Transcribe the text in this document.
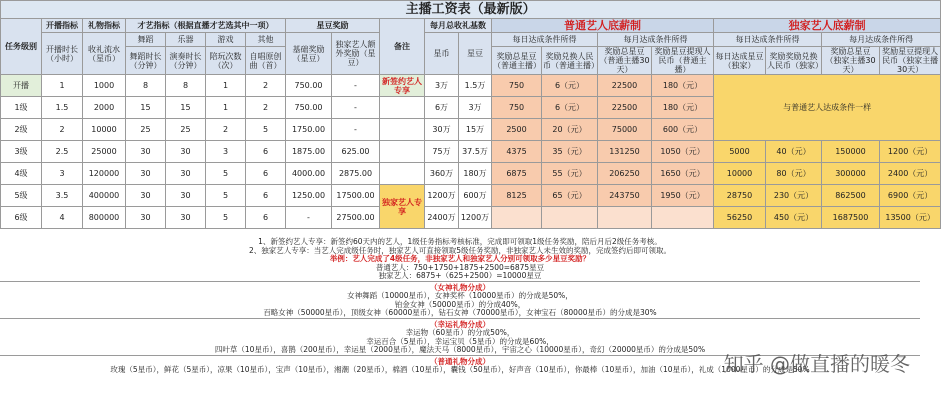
主播工资表（最新版）																			
任务级别	开播指标	礼物指标	才艺指标（根据直播才艺选其中一项）				星豆奖励		备注	每月总收礼基数		普通艺人底薪制				独家艺人底薪制			
	开播时长（小时）	收礼流水（星币）	舞蹈	乐器	游戏	其他	基础奖励（星豆）	独家艺人额外奖励（星豆）		星币	星豆	每日达成条件所得		每月达成条件所得		每日达成条件所得		每月达成条件所得	
			舞蹈时长（分钟）	演奏时长（分钟）	陪玩次数（次）	自唱原创曲（首）						奖励总星豆（普通主播）	奖励兑换人民币（普通主播）	奖励总星豆（普通主播30天）	奖励星豆提现人民币（普通主播）	每日达成星豆（独家）	奖励奖励兑换人民币（独家）	奖励总星豆（独家主播30天）	奖励星豆提现人民币（独家主播30天）
开播	1	1000	8	8	1	2	750.00	-	新签约艺人专享	3万	1.5万	750	6（元）	22500	180（元）	与普通艺人达成条件一样			
1级	1.5	2000	15	15	1	2	750.00	-		6万	3万	750	6（元）	22500	180（元）				
2级	2	10000	25	25	2	5	1750.00	-		30万	15万	2500	20（元）	75000	600（元）				
3级	2.5	25000	30	30	3	6	1875.00	625.00		75万	37.5万	4375	35（元）	131250	1050（元）	5000	40（元）	150000	1200（元）
4级	3	120000	30	30	5	6	4000.00	2875.00		360万	180万	6875	55（元）	206250	1650（元）	10000	80（元）	300000	2400（元）
5级	3.5	400000	30	30	5	6	1250.00	17500.00	独家艺人专享	1200万	600万	8125	65（元）	243750	1950（元）	28750	230（元）	862500	6900（元）
6级	4	800000	30	30	5	6	-	27500.00		2400万	1200万					56250	450（元）	1687500	13500（元）
1、新签约艺人专享：新签约60天内的艺人，1级任务指标考核标准，完成即可领取1级任务奖励，陪后月后2级任务考核。
2、独家艺人专享：当艺人完成级任务时，独家艺人可直接领取5级任务奖励，非独家艺人未生效的奖励，完成签约后即可领取。
举例：艺人完成了4级任务，非独家艺人和独家艺人分别可领取多少星豆奖励？
普通艺人：750+1750+1875+2500=6875星豆
独家艺人：6875+（625+2500）=10000星豆
（女神礼物分成）
女神舞蹈（10000星币），女神奖杯（10000星币）的分成是50%，
铂金女神（50000星币）的分成40%，
百略女神（50000星币），顶级女神（60000星币），钻石女神（70000星币），女神宝石（80000星币）的分成是30%
（幸运礼物分成）
幸运物（60星币）的分成50%，
幸运百合（5星币），幸运宝贝（5星币）的分成是60%，
四叶草（10星币），喜鹊（200星币），幸运星（2000星币），魔法天马（8000星币），宇宙之心（10000星币），奇幻（20000星币）的分成是50%
（普通礼物分成）
玫瑰（5星币），鲜花（5星币），凉果（10星币），宝声（10星币），湘潮（20星币），棉酒（10星币），囊钱（50星币），好声音（10星币），你最棒（10星币），加油（10星币），礼成（1000星币）的分成是50%
知乎 @做直播的暖冬
